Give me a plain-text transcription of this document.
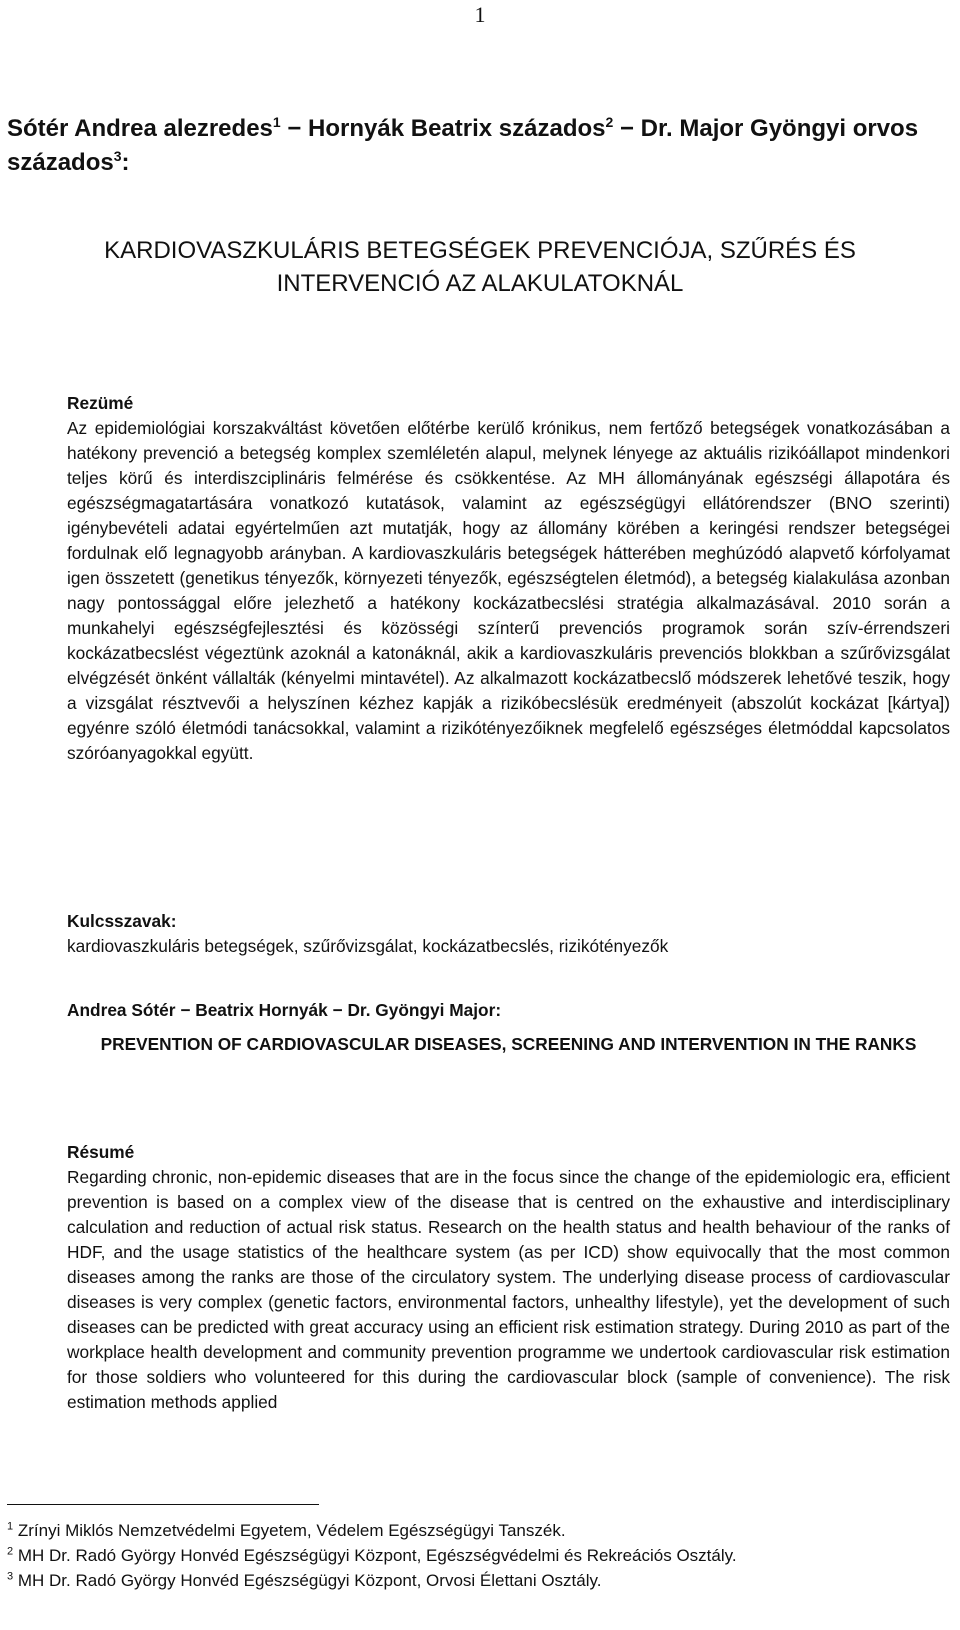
1
Sótér Andrea alezredes$^1$ − Hornyák Beatrix százados$^2$ − Dr. Major Gyöngyi orvos százados$^3$:
KARDIOVASZKULÁRIS BETEGSÉGEK PREVENCIÓJA, SZŰRÉS ÉS INTERVENCIÓ AZ ALAKULATOKNÁL
Rezümé
Az epidemiológiai korszakváltást követően előtérbe kerülő krónikus, nem fertőző betegségek vonatkozásában a hatékony prevenció a betegség komplex szemléletén alapul, melynek lényege az aktuális rizikóállapot mindenkori teljes körű és interdiszciplináris felmérése és csökkentése. Az MH állományának egészségi állapotára és egészségmagatartására vonatkozó kutatások, valamint az egészségügyi ellátórendszer (BNO szerinti) igénybevételi adatai egyértelműen azt mutatják, hogy az állomány körében a keringési rendszer betegségei fordulnak elő legnagyobb arányban. A kardiovaszkuláris betegségek hátterében meghúzódó alapvető kórfolyamat igen összetett (genetikus tényezők, környezeti tényezők, egészségtelen életmód), a betegség kialakulása azonban nagy pontossággal előre jelezhető a hatékony kockázatbecslési stratégia alkalmazásával. 2010 során a munkahelyi egészségfejlesztési és közösségi színterű prevenciós programok során szív-érrendszeri kockázatbecslést végeztünk azoknál a katonáknál, akik a kardiovaszkuláris prevenciós blokkban a szűrővizsgálat elvégzését önként vállalták (kényelmi mintavétel). Az alkalmazott kockázatbecslő módszerek lehetővé teszik, hogy a vizsgálat résztvevői a helyszínen kézhez kapják a rizikóbecslésük eredményeit (abszolút kockázat [kártya]) egyénre szóló életmódi tanácsokkal, valamint a rizikótényezőiknek megfelelő egészséges életmóddal kapcsolatos szóróanyagokkal együtt.
Kulcsszavak:
kardiovaszkuláris betegségek, szűrővizsgálat, kockázatbecslés, rizikótényezők
Andrea Sótér − Beatrix Hornyák − Dr. Gyöngyi Major:
PREVENTION OF CARDIOVASCULAR DISEASES, SCREENING AND INTERVENTION IN THE RANKS
Résumé
Regarding chronic, non-epidemic diseases that are in the focus since the change of the epidemiologic era, efficient prevention is based on a complex view of the disease that is centred on the exhaustive and interdisciplinary calculation and reduction of actual risk status. Research on the health status and health behaviour of the ranks of HDF, and the usage statistics of the healthcare system (as per ICD) show equivocally that the most common diseases among the ranks are those of the circulatory system. The underlying disease process of cardiovascular diseases is very complex (genetic factors, environmental factors, unhealthy lifestyle), yet the development of such diseases can be predicted with great accuracy using an efficient risk estimation strategy. During 2010 as part of the workplace health development and community prevention programme we undertook cardiovascular risk estimation for those soldiers who volunteered for this during the cardiovascular block (sample of convenience). The risk estimation methods applied
$^1$ Zrínyi Miklós Nemzetvédelmi Egyetem, Védelem Egészségügyi Tanszék.
$^2$ MH Dr. Radó György Honvéd Egészségügyi Központ, Egészségvédelmi és Rekreációs Osztály.
$^3$ MH Dr. Radó György Honvéd Egészségügyi Központ, Orvosi Élettani Osztály.
